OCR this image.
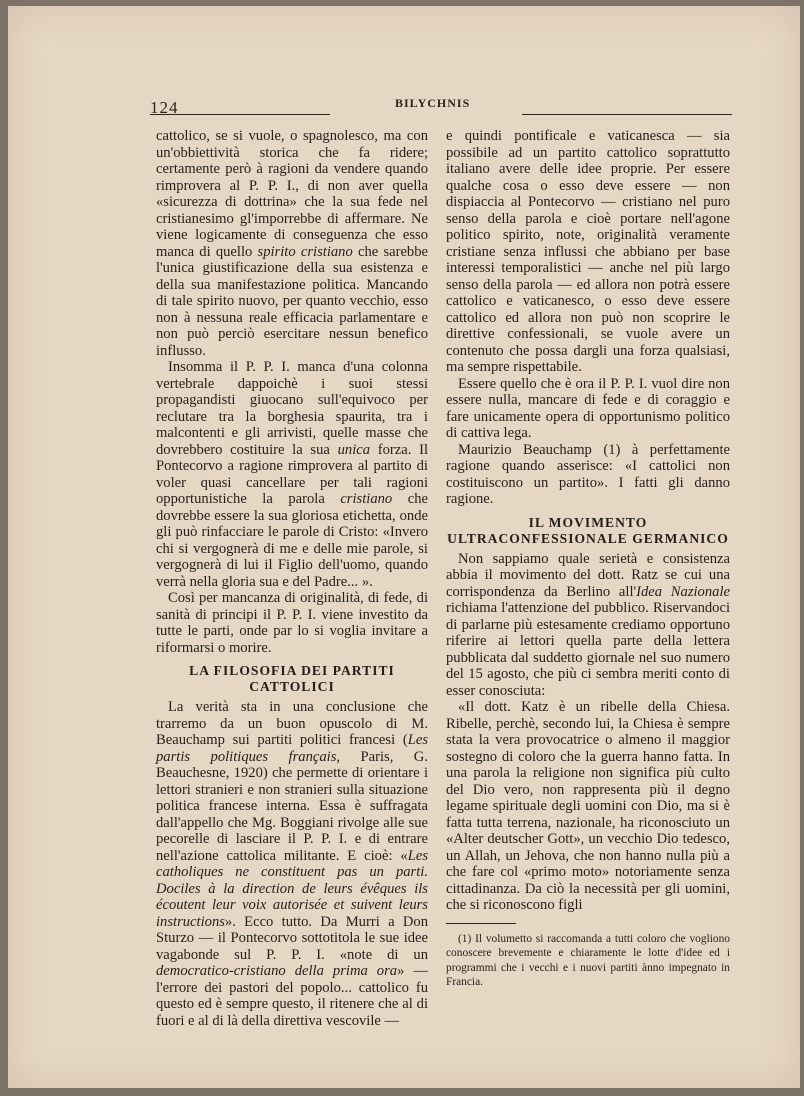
124	BILYCHNIS

cattolico, se si vuole, o spagnolesco, ma con un'obbiettività storica che fa ridere; certamente però à ragioni da vendere quando rimprovera al P. P. I., di non aver quella «sicurezza di dottrina» che la sua fede nel cristianesimo gl'imporrebbe di affermare. Ne viene logicamente di conseguenza che esso manca di quello spirito cristiano che sarebbe l'unica giustificazione della sua esistenza e della sua manifestazione politica. Mancando di tale spirito nuovo, per quanto vecchio, esso non à nessuna reale efficacia parlamentare e non può perciò esercitare nessun benefico influsso.

Insomma il P. P. I. manca d'una colonna vertebrale dappoichè i suoi stessi propagandisti giuocano sull'equivoco per reclutare tra la borghesia spaurita, tra i malcontenti e gli arrivisti, quelle masse che dovrebbero costituire la sua unica forza. Il Pontecorvo a ragione rimprovera al partito di voler quasi cancellare per tali ragioni opportunistiche la parola cristiano che dovrebbe essere la sua gloriosa etichetta, onde gli può rinfacciare le parole di Cristo: «Invero chi si vergognerà di me e delle mie parole, si vergognerà di lui il Figlio dell'uomo, quando verrà nella gloria sua e del Padre... ».

Così per mancanza di originalità, di fede, di sanità di principi il P. P. I. viene investito da tutte le parti, onde par lo si voglia invitare a riformarsi o morire.

LA FILOSOFIA DEI PARTITI CATTOLICI

La verità sta in una conclusione che trarremo da un buon opuscolo di M. Beauchamp sui partiti politici francesi (Les partis politiques français, Paris, G. Beauchesne, 1920) che permette di orientare i lettori stranieri e non stranieri sulla situazione politica francese interna. Essa è suffragata dall'appello che Mg. Boggiani rivolge alle sue pecorelle di lasciare il P. P. I. e di entrare nell'azione cattolica militante. E cioè: «Les catholiques ne constituent pas un parti. Dociles à la direction de leurs évêques ils écoutent leur voix autorisée et suivent leurs instructions». Ecco tutto. Da Murri a Don Sturzo — il Pontecorvo sottotitola le sue idee vagabonde sul P. P. I. «note di un democratico-cristiano della prima ora» — l'errore dei pastori del popolo... cattolico fu questo ed è sempre questo, il ritenere che al di fuori e al di là della direttiva vescovile —

e quindi pontificale e vaticanesca — sia possibile ad un partito cattolico soprattutto italiano avere delle idee proprie. Per essere qualche cosa o esso deve essere — non dispiaccia al Pontecorvo — cristiano nel puro senso della parola e cioè portare nell'agone politico spirito, note, originalità veramente cristiane senza influssi che abbiano per base interessi temporalistici — anche nel più largo senso della parola — ed allora non potrà essere cattolico e vaticanesco, o esso deve essere cattolico ed allora non può non scoprire le direttive confessionali, se vuole avere un contenuto che possa dargli una forza qualsiasi, ma sempre rispettabile.

Essere quello che è ora il P. P. I. vuol dire non essere nulla, mancare di fede e di coraggio e fare unicamente opera di opportunismo politico di cattiva lega.

Maurizio Beauchamp (1) à perfettamente ragione quando asserisce: «I cattolici non costituiscono un partito». I fatti gli danno ragione.

IL MOVIMENTO ULTRACONFESSIONALE GERMANICO

Non sappiamo quale serietà e consistenza abbia il movimento del dott. Ratz se cui una corrispondenza da Berlino all'Idea Nazionale richiama l'attenzione del pubblico. Riservandoci di parlarne più estesamente crediamo opportuno riferire ai lettori quella parte della lettera pubblicata dal suddetto giornale nel suo numero del 15 agosto, che più ci sembra meriti conto di esser conosciuta:

«Il dott. Katz è un ribelle della Chiesa. Ribelle, perchè, secondo lui, la Chiesa è sempre stata la vera provocatrice o almeno il maggior sostegno di coloro che la guerra hanno fatta. In una parola la religione non significa più culto del Dio vero, non rappresenta più il degno legame spirituale degli uomini con Dio, ma si è fatta tutta terrena, nazionale, ha riconosciuto un «Alter deutscher Gott», un vecchio Dio tedesco, un Allah, un Jehova, che non hanno nulla più a che fare col «primo moto» notoriamente senza cittadinanza. Da ciò la necessità per gli uomini, che si riconoscono figli

(1) Il volumetto si raccomanda a tutti coloro che vogliono conoscere brevemente e chiaramente le lotte d'idee ed i programmi che i vecchi e i nuovi partiti ànno impegnato in Francia.
